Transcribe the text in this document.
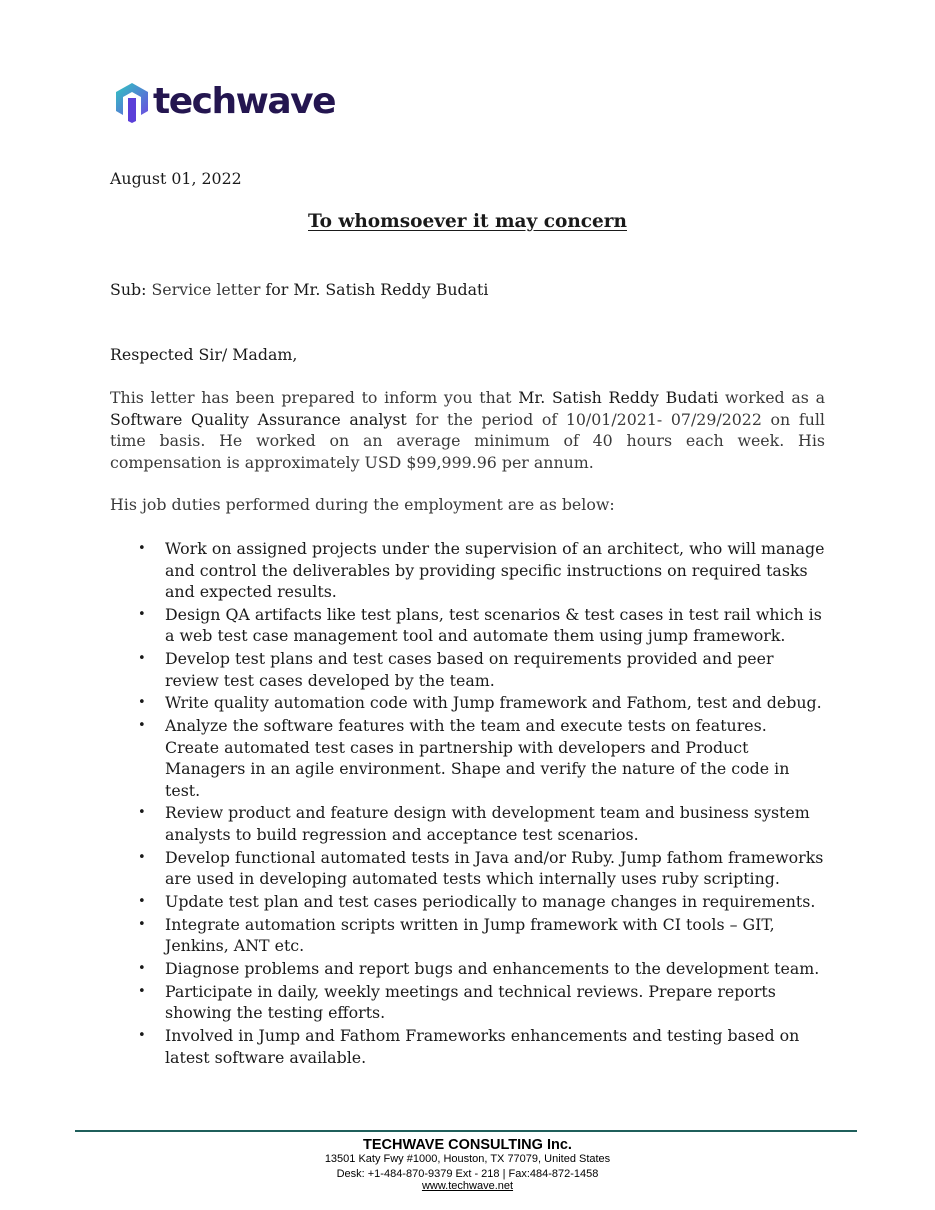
techwave
August 01, 2022
To whomsoever it may concern
Sub: Service letter for Mr. Satish Reddy Budati
Respected Sir/ Madam,
This letter has been prepared to inform you that Mr. Satish Reddy Budati worked as a Software Quality Assurance analyst for the period of 10/01/2021- 07/29/2022 on full time basis. He worked on an average minimum of 40 hours each week. His compensation is approximately USD $99,999.96 per annum.
His job duties performed during the employment are as below:
• Work on assigned projects under the supervision of an architect, who will manage and control the deliverables by providing specific instructions on required tasks and expected results.
• Design QA artifacts like test plans, test scenarios & test cases in test rail which is a web test case management tool and automate them using jump framework.
• Develop test plans and test cases based on requirements provided and peer review test cases developed by the team.
• Write quality automation code with Jump framework and Fathom, test and debug.
• Analyze the software features with the team and execute tests on features. Create automated test cases in partnership with developers and Product Managers in an agile environment. Shape and verify the nature of the code in test.
• Review product and feature design with development team and business system analysts to build regression and acceptance test scenarios.
• Develop functional automated tests in Java and/or Ruby. Jump fathom frameworks are used in developing automated tests which internally uses ruby scripting.
• Update test plan and test cases periodically to manage changes in requirements.
• Integrate automation scripts written in Jump framework with CI tools – GIT, Jenkins, ANT etc.
• Diagnose problems and report bugs and enhancements to the development team.
• Participate in daily, weekly meetings and technical reviews. Prepare reports showing the testing efforts.
• Involved in Jump and Fathom Frameworks enhancements and testing based on latest software available.
TECHWAVE CONSULTING Inc.
13501 Katy Fwy #1000, Houston, TX 77079, United States
Desk: +1-484-870-9379 Ext - 218 | Fax:484-872-1458
www.techwave.net
